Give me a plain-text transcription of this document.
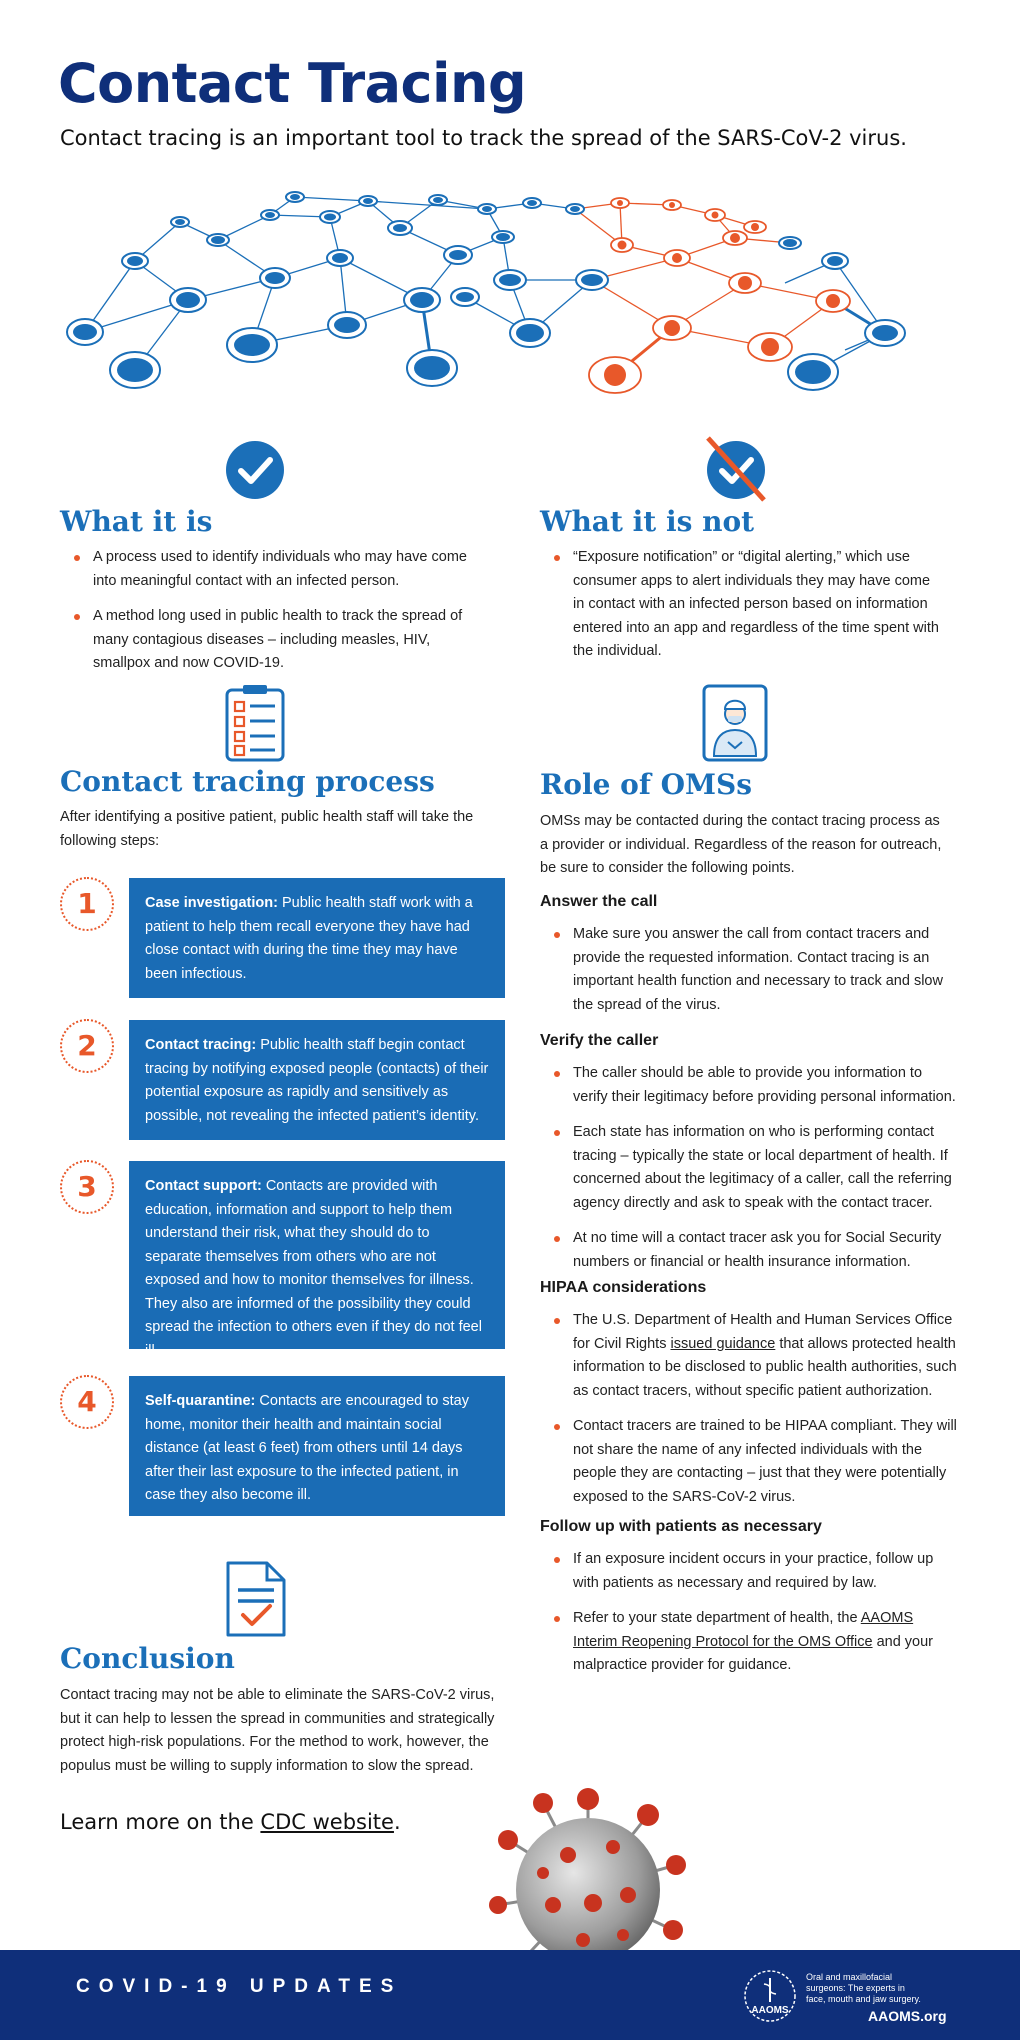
Contact Tracing
Contact tracing is an important tool to track the spread of the SARS-CoV-2 virus.
What it is
A process used to identify individuals who may have come into meaningful contact with an infected person.
A method long used in public health to track the spread of many contagious diseases – including measles, HIV, smallpox and now COVID-19.
What it is not
“Exposure notification” or “digital alerting,” which use consumer apps to alert individuals they may have come in contact with an infected person based on information entered into an app and regardless of the time spent with the individual.
Contact tracing process

After identifying a positive patient, public health staff will take the following steps:

1	Case investigation: Public health staff work with a patient to help them recall everyone they have had close contact with during the time they may have been infectious.
2	Contact tracing: Public health staff begin contact tracing by notifying exposed people (contacts) of their potential exposure as rapidly and sensitively as possible, not revealing the infected patient’s identity.
3	Contact support: Contacts are provided with education, information and support to help them understand their risk, what they should do to separate themselves from others who are not exposed and how to monitor themselves for illness. They also are informed of the possibility they could spread the infection to others even if they do not feel ill.
4	Self-quarantine: Contacts are encouraged to stay home, monitor their health and maintain social distance (at least 6 feet) from others until 14 days after their last exposure to the infected patient, in case they also become ill.
Conclusion

Contact tracing may not be able to eliminate the SARS-CoV-2 virus, but it can help to lessen the spread in communities and strategically protect high-risk populations. For the method to work, however, the populus must be willing to supply information to slow the spread.

Learn more on the CDC website.
Role of OMSs

OMSs may be contacted during the contact tracing process as a provider or individual. Regardless of the reason for outreach, be sure to consider the following points.

Answer the call
Make sure you answer the call from contact tracers and provide the requested information. Contact tracing is an important health function and necessary to track and slow the spread of the virus.
Verify the caller
The caller should be able to provide you information to verify their legitimacy before providing personal information.
Each state has information on who is performing contact tracing – typically the state or local department of health. If concerned about the legitimacy of a caller, call the referring agency directly and ask to speak with the contact tracer.
At no time will a contact tracer ask you for Social Security numbers or financial or health insurance information.
HIPAA considerations
The U.S. Department of Health and Human Services Office for Civil Rights issued guidance that allows protected health information to be disclosed to public health authorities, such as contact tracers, without specific patient authorization.
Contact tracers are trained to be HIPAA compliant. They will not share the name of any infected individuals with the people they are contacting – just that they were potentially exposed to the SARS-CoV-2 virus.
Follow up with patients as necessary
If an exposure incident occurs in your practice, follow up with patients as necessary and required by law.
Refer to your state department of health, the AAOMS Interim Reopening Protocol for the OMS Office and your malpractice provider for guidance.
COVID-19 UPDATES
AAOMS
Oral and maxillofacial surgeons: The experts in face, mouth and jaw surgery.
AAOMS.org
